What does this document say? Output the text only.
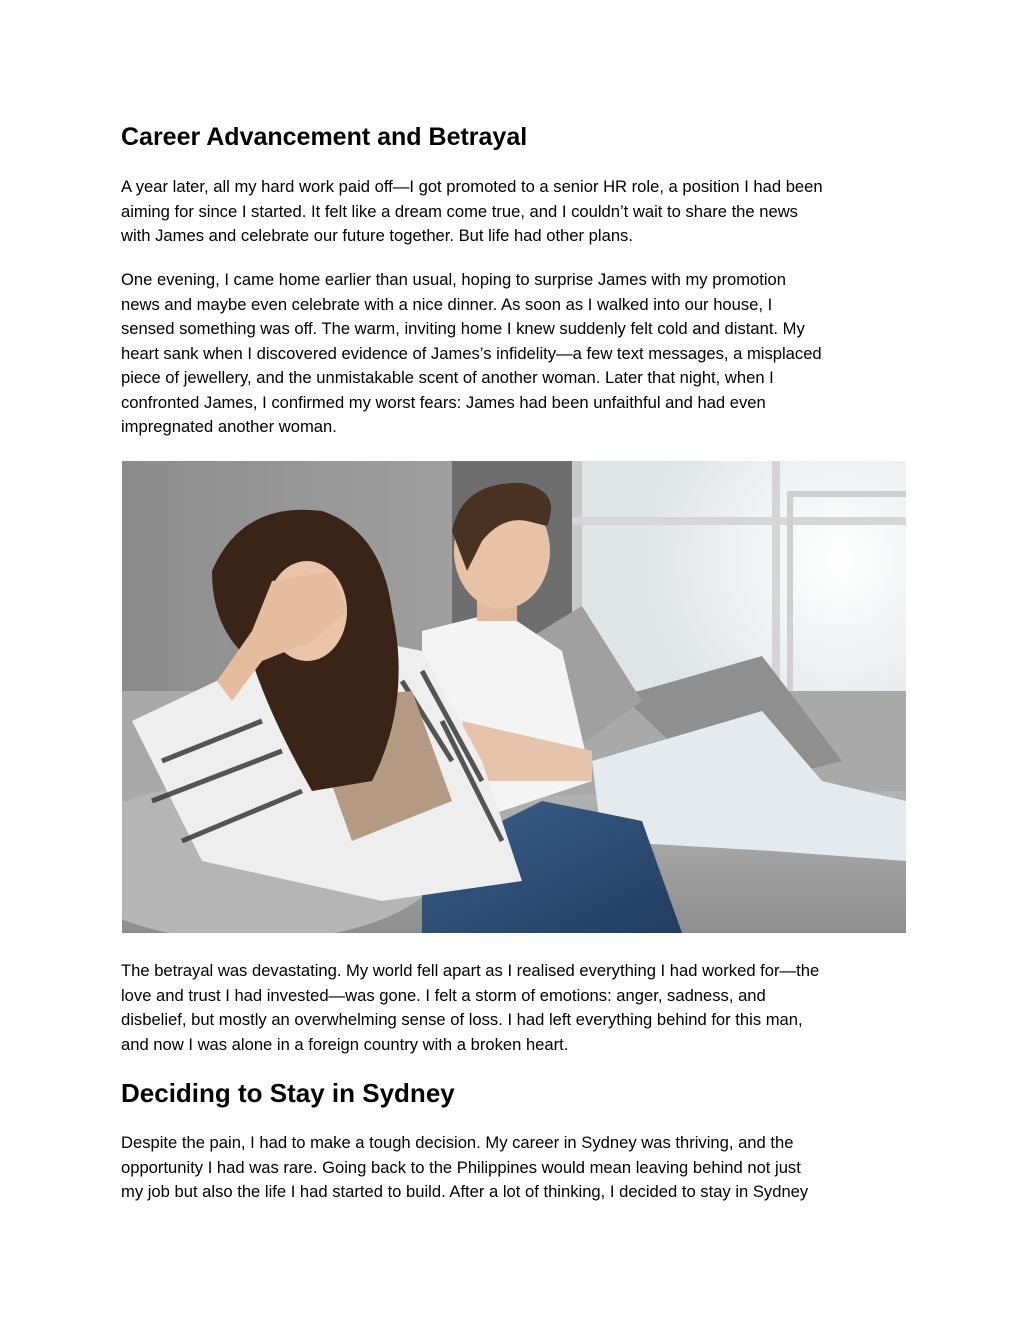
Career Advancement and Betrayal

A year later, all my hard work paid off—I got promoted to a senior HR role, a position I had been
aiming for since I started. It felt like a dream come true, and I couldn’t wait to share the news
with James and celebrate our future together. But life had other plans.

One evening, I came home earlier than usual, hoping to surprise James with my promotion
news and maybe even celebrate with a nice dinner. As soon as I walked into our house, I
sensed something was off. The warm, inviting home I knew suddenly felt cold and distant. My
heart sank when I discovered evidence of James’s infidelity—a few text messages, a misplaced
piece of jewellery, and the unmistakable scent of another woman. Later that night, when I
confronted James, I confirmed my worst fears: James had been unfaithful and had even
impregnated another woman.

The betrayal was devastating. My world fell apart as I realised everything I had worked for—the
love and trust I had invested—was gone. I felt a storm of emotions: anger, sadness, and
disbelief, but mostly an overwhelming sense of loss. I had left everything behind for this man,
and now I was alone in a foreign country with a broken heart.

Deciding to Stay in Sydney

Despite the pain, I had to make a tough decision. My career in Sydney was thriving, and the
opportunity I had was rare. Going back to the Philippines would mean leaving behind not just
my job but also the life I had started to build. After a lot of thinking, I decided to stay in Sydney
